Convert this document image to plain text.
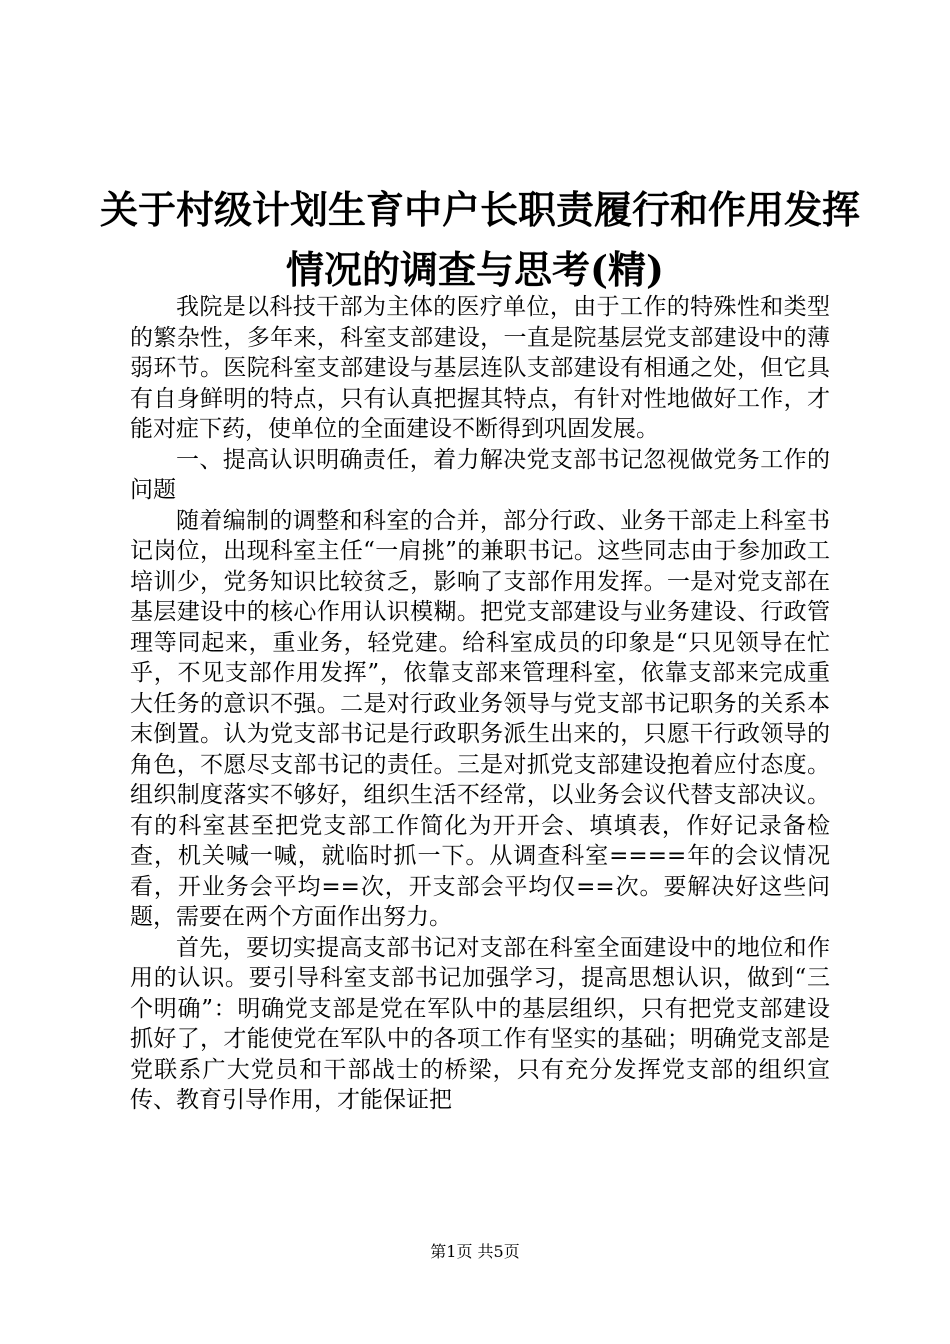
关于村级计划生育中户长职责履行和作用发挥
情况的调查与思考(精)

我院是以科技干部为主体的医疗单位，由于工作的特殊性和类型的繁杂性，多年来，科室支部建设，一直是院基层党支部建设中的薄弱环节。医院科室支部建设与基层连队支部建设有相通之处，但它具有自身鲜明的特点，只有认真把握其特点，有针对性地做好工作，才能对症下药，使单位的全面建设不断得到巩固发展。

一、提高认识明确责任，着力解决党支部书记忽视做党务工作的问题

随着编制的调整和科室的合并，部分行政、业务干部走上科室书记岗位，出现科室主任“一肩挑”的兼职书记。这些同志由于参加政工培训少，党务知识比较贫乏，影响了支部作用发挥。一是对党支部在基层建设中的核心作用认识模糊。把党支部建设与业务建设、行政管理等同起来，重业务，轻党建。给科室成员的印象是“只见领导在忙乎，不见支部作用发挥”，依靠支部来管理科室，依靠支部来完成重大任务的意识不强。二是对行政业务领导与党支部书记职务的关系本末倒置。认为党支部书记是行政职务派生出来的，只愿干行政领导的角色，不愿尽支部书记的责任。三是对抓党支部建设抱着应付态度。组织制度落实不够好，组织生活不经常，以业务会议代替支部决议。有的科室甚至把党支部工作简化为开开会、填填表，作好记录备检查，机关喊一喊，就临时抓一下。从调查科室====年的会议情况看，开业务会平均==次，开支部会平均仅==次。要解决好这些问题，需要在两个方面作出努力。

首先，要切实提高支部书记对支部在科室全面建设中的地位和作用的认识。要引导科室支部书记加强学习，提高思想认识，做到“三个明确”：明确党支部是党在军队中的基层组织，只有把党支部建设抓好了，才能使党在军队中的各项工作有坚实的基础；明确党支部是党联系广大党员和干部战士的桥梁，只有充分发挥党支部的组织宣传、教育引导作用，才能保证把

第1页 共5页
